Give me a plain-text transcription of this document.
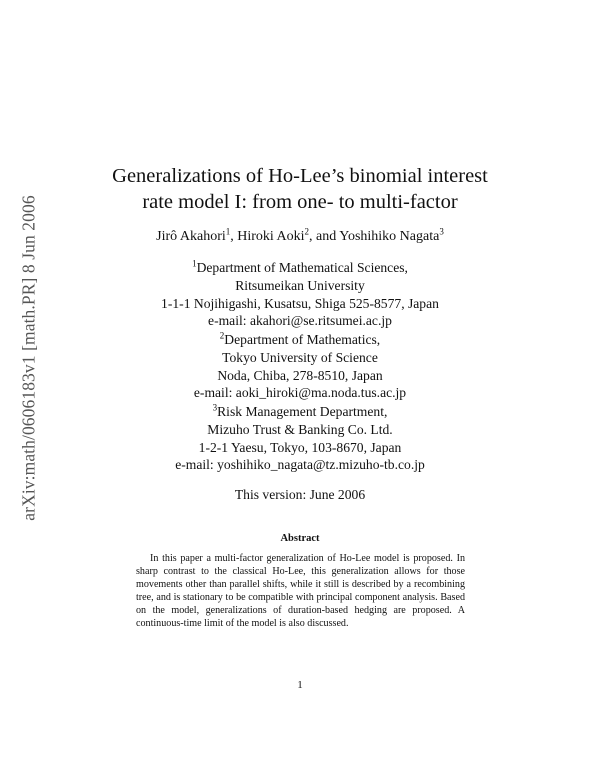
arXiv:math/0606183v1 [math.PR] 8 Jun 2006
Generalizations of Ho-Lee’s binomial interest
rate model I: from one- to multi-factor
Jirô Akahori$^1$, Hiroki Aoki$^2$, and Yoshihiko Nagata$^3$
$^1$Department of Mathematical Sciences,
Ritsumeikan University
1-1-1 Nojihigashi, Kusatsu, Shiga 525-8577, Japan
e-mail: akahori@se.ritsumei.ac.jp
$^2$Department of Mathematics,
Tokyo University of Science
Noda, Chiba, 278-8510, Japan
e-mail: aoki_hiroki@ma.noda.tus.ac.jp
$^3$Risk Management Department,
Mizuho Trust & Banking Co. Ltd.
1-2-1 Yaesu, Tokyo, 103-8670, Japan
e-mail: yoshihiko_nagata@tz.mizuho-tb.co.jp
This version: June 2006
Abstract
In this paper a multi-factor generalization of Ho-Lee model is proposed. In sharp contrast to the classical Ho-Lee, this generalization allows for those movements other than parallel shifts, while it still is described by a recombining tree, and is stationary to be compatible with principal component analysis. Based on the model, generalizations of duration-based hedging are proposed. A continuous-time limit of the model is also discussed.
1
